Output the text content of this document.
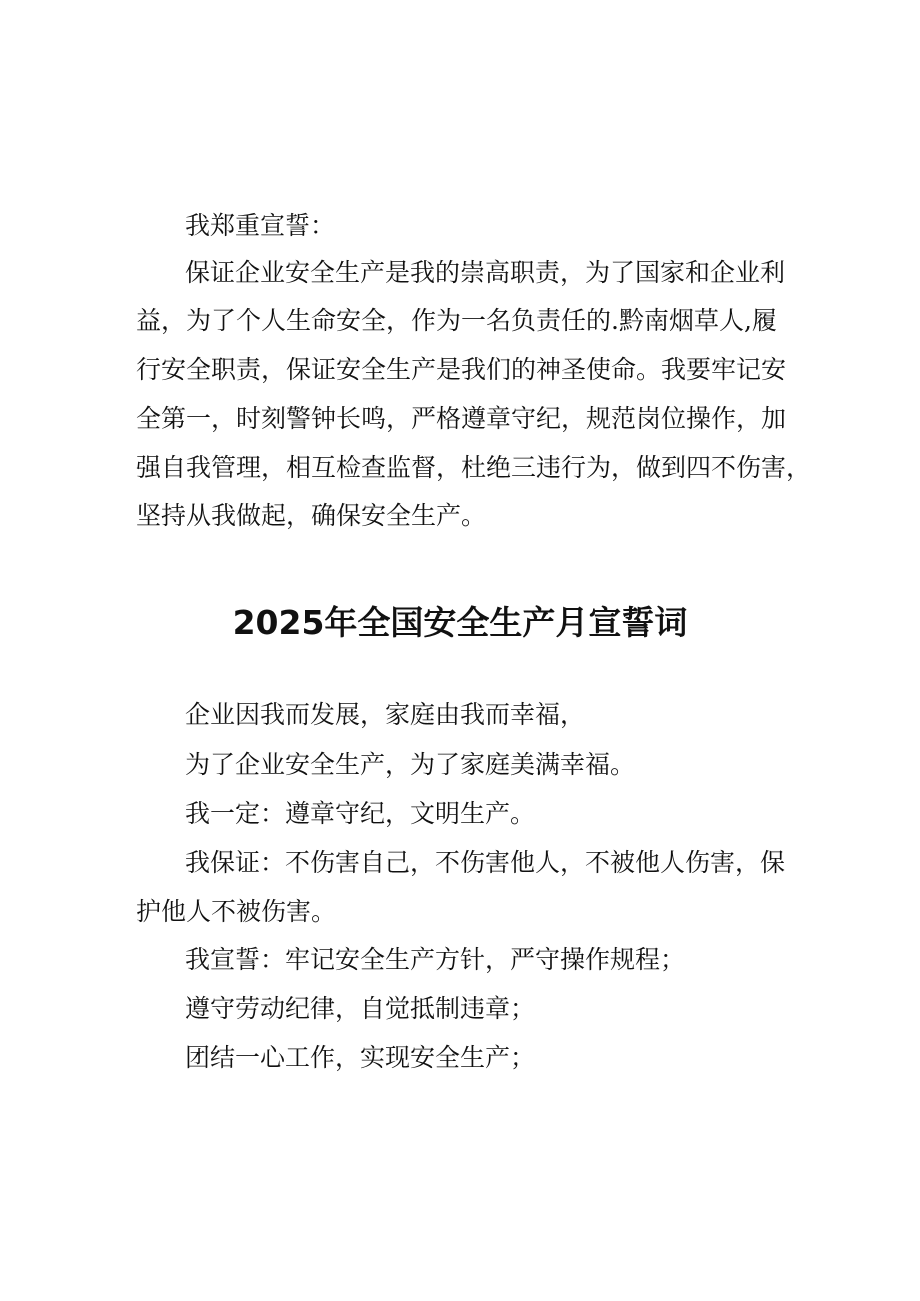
我郑重宣誓：

保证企业安全生产是我的崇高职责，为了国家和企业利

益，为了个人生命安全，作为一名负责任的.黔南烟草人,履

行安全职责，保证安全生产是我们的神圣使命。我要牢记安

全第一，时刻警钟长鸣，严格遵章守纪，规范岗位操作，加

强自我管理，相互检查监督，杜绝三违行为，做到四不伤害，

坚持从我做起，确保安全生产。

2025年全国安全生产月宣誓词

企业因我而发展，家庭由我而幸福，

为了企业安全生产，为了家庭美满幸福。

我一定：遵章守纪，文明生产。

我保证：不伤害自己，不伤害他人，不被他人伤害，保

护他人不被伤害。

我宣誓：牢记安全生产方针，严守操作规程；

遵守劳动纪律，自觉抵制违章；

团结一心工作，实现安全生产；
